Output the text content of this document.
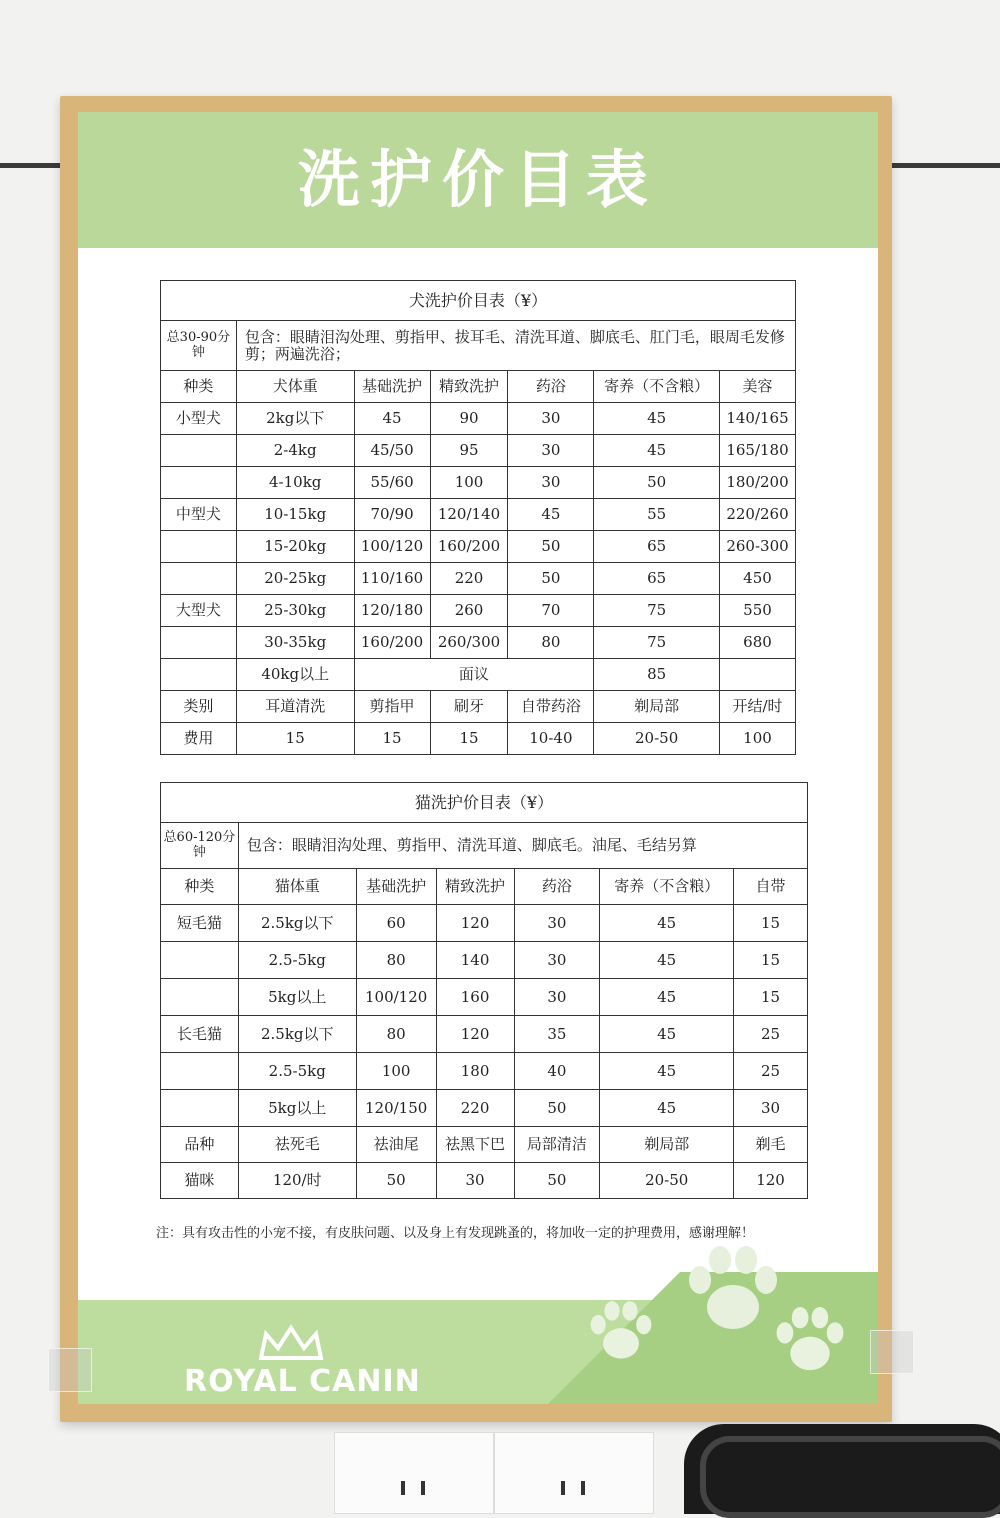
洗护价目表
犬洗护价目表（¥）						
总30-90分钟	包含：眼睛泪沟处理、剪指甲、拔耳毛、清洗耳道、脚底毛、肛门毛，眼周毛发修剪；两遍洗浴；					
种类	犬体重	基础洗护	精致洗护	药浴	寄养（不含粮）	美容
小型犬	2kg以下	45	90	30	45	140/165
	2-4kg	45/50	95	30	45	165/180
	4-10kg	55/60	100	30	50	180/200
中型犬	10-15kg	70/90	120/140	45	55	220/260
	15-20kg	100/120	160/200	50	65	260-300
	20-25kg	110/160	220	50	65	450
大型犬	25-30kg	120/180	260	70	75	550
	30-35kg	160/200	260/300	80	75	680
	40kg以上	面议			85	
类别	耳道清洗	剪指甲	刷牙	自带药浴	剃局部	开结/时
费用	15	15	15	10-40	20-50	100
猫洗护价目表（¥）						
总60-120分钟	包含：眼睛泪沟处理、剪指甲、清洗耳道、脚底毛。油尾、毛结另算					
种类	猫体重	基础洗护	精致洗护	药浴	寄养（不含粮）	自带
短毛猫	2.5kg以下	60	120	30	45	15
	2.5-5kg	80	140	30	45	15
	5kg以上	100/120	160	30	45	15
长毛猫	2.5kg以下	80	120	35	45	25
	2.5-5kg	100	180	40	45	25
	5kg以上	120/150	220	50	45	30
品种	祛死毛	祛油尾	祛黑下巴	局部清洁	剃局部	剃毛
猫咪	120/时	50	30	50	20-50	120
注：具有攻击性的小宠不接，有皮肤问题、以及身上有发现跳蚤的，将加收一定的护理费用，感谢理解！
ROYAL CANIN
